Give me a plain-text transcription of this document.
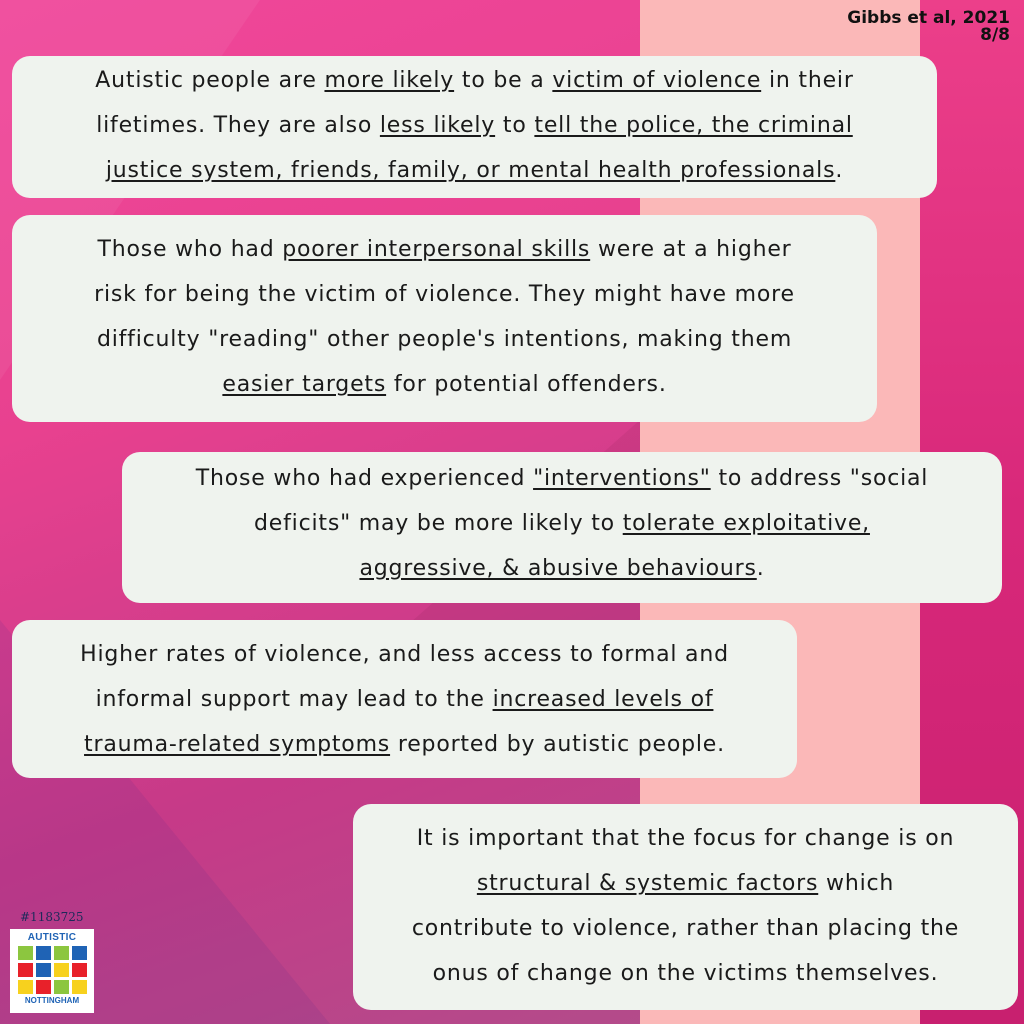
Gibbs et al, 2021
8/8
Autistic people are more likely to be a victim of violence in their
lifetimes. They are also less likely to tell the police, the criminal
justice system, friends, family, or mental health professionals.
Those who had poorer interpersonal skills were at a higher
risk for being the victim of violence. They might have more
difficulty "reading" other people's intentions, making them
easier targets for potential offenders.
Those who had experienced "interventions" to address "social
deficits" may be more likely to tolerate exploitative,
aggressive, & abusive behaviours.
Higher rates of violence, and less access to formal and
informal support may lead to the increased levels of
trauma-related symptoms reported by autistic people.
It is important that the focus for change is on
structural & systemic factors which
contribute to violence, rather than placing the
onus of change on the victims themselves.
#1183725
AUTISTIC
NOTTINGHAM
